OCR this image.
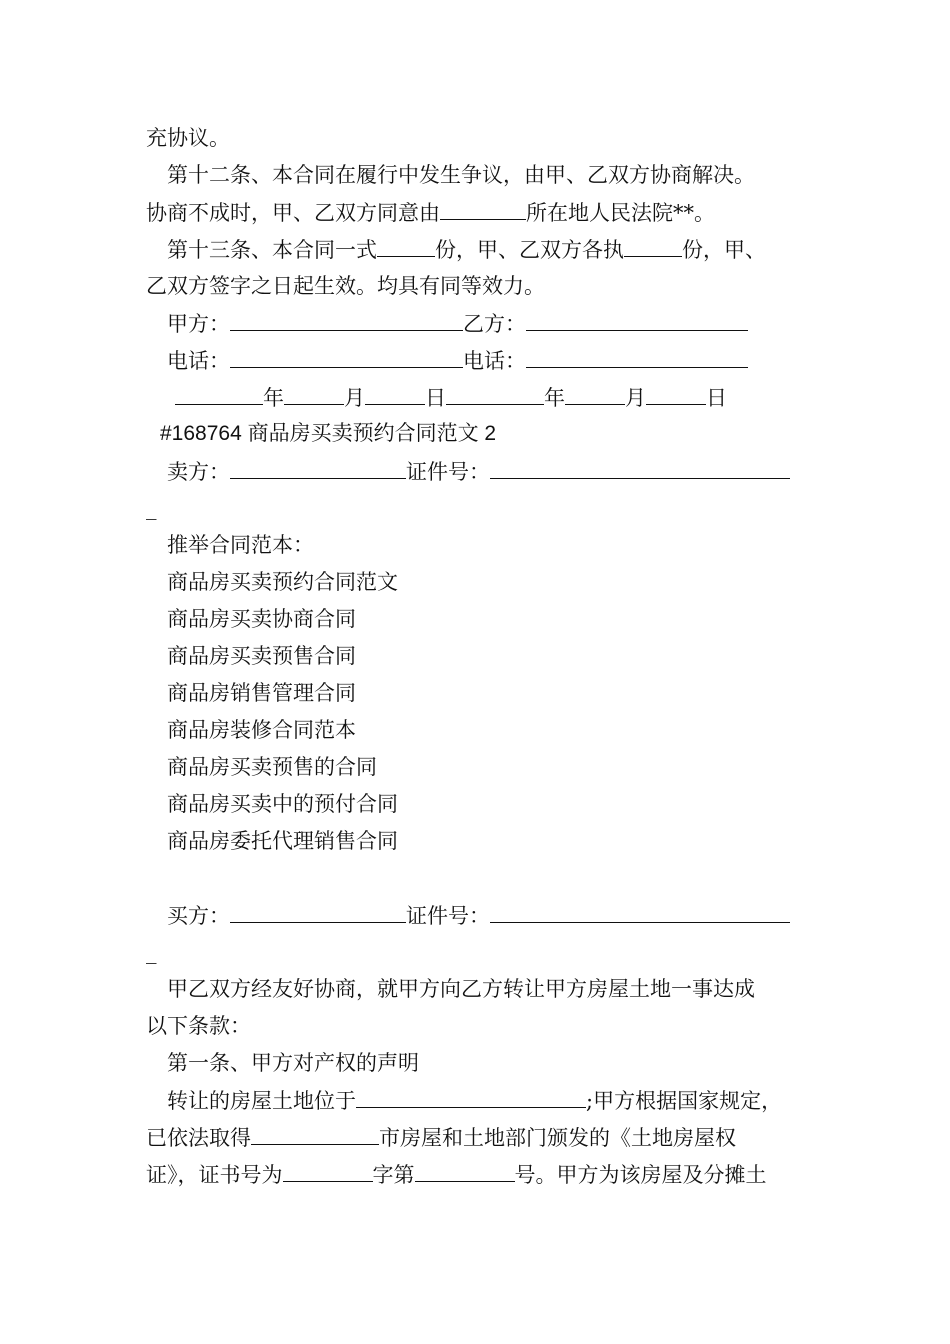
充协议。
第十二条、本合同在履行中发生争议，由甲、乙双方协商解决。
协商不成时，甲、乙双方同意由	所在地人民法院**。
第十三条、本合同一式	份，甲、乙双方各执	份，甲、
乙双方签字之日起生效。均具有同等效力。
甲方：	乙方：
电话：	电话：
年	月	日	年	月	日
#168764 商品房买卖预约合同范文 2
卖方：	证件号：
_
推举合同范本：
商品房买卖预约合同范文
商品房买卖协商合同
商品房买卖预售合同
商品房销售管理合同
商品房装修合同范本
商品房买卖预售的合同
商品房买卖中的预付合同
商品房委托代理销售合同
买方：	证件号：
_
甲乙双方经友好协商，就甲方向乙方转让甲方房屋土地一事达成
以下条款：
第一条、甲方对产权的声明
转让的房屋土地位于	;甲方根据国家规定，
已依法取得	市房屋和土地部门颁发的《土地房屋权
证》，证书号为	字第	号。甲方为该房屋及分摊土
